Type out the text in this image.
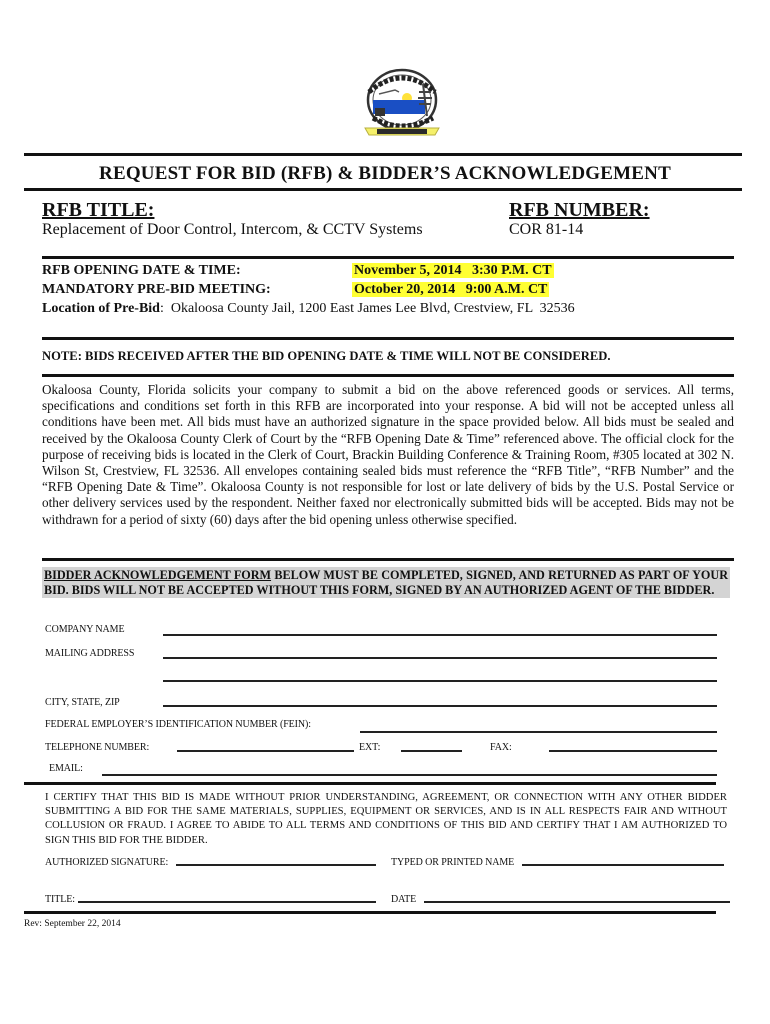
REQUEST FOR BID (RFB) & BIDDER’S ACKNOWLEDGEMENT
RFB TITLE:
Replacement of Door Control, Intercom, & CCTV Systems
RFB NUMBER:
COR 81-14
RFB OPENING DATE & TIME:	November 5, 2014   3:30 P.M. CT
MANDATORY PRE-BID MEETING:	October 20, 2014   9:00 A.M. CT
Location of Pre-Bid:  Okaloosa County Jail, 1200 East James Lee Blvd, Crestview, FL  32536
NOTE: BIDS RECEIVED AFTER THE BID OPENING DATE & TIME WILL NOT BE CONSIDERED.
Okaloosa County, Florida solicits your company to submit a bid on the above referenced goods or services. All terms, specifications and conditions set forth in this RFB are incorporated into your response. A bid will not be accepted unless all conditions have been met. All bids must have an authorized signature in the space provided below. All bids must be sealed and received by the Okaloosa County Clerk of Court by the “RFB Opening Date & Time” referenced above. The official clock for the purpose of receiving bids is located in the Clerk of Court, Brackin Building Conference & Training Room, #305 located at 302 N. Wilson St, Crestview, FL 32536. All envelopes containing sealed bids must reference the “RFB Title”, “RFB Number” and the “RFB Opening Date & Time”. Okaloosa County is not responsible for lost or late delivery of bids by the U.S. Postal Service or other delivery services used by the respondent. Neither faxed nor electronically submitted bids will be accepted. Bids may not be withdrawn for a period of sixty (60) days after the bid opening unless otherwise specified.
BIDDER ACKNOWLEDGEMENT FORM BELOW MUST BE COMPLETED, SIGNED, AND RETURNED AS PART OF YOUR BID. BIDS WILL NOT BE ACCEPTED WITHOUT THIS FORM, SIGNED BY AN AUTHORIZED AGENT OF THE BIDDER.
COMPANY NAME
MAILING ADDRESS
CITY, STATE, ZIP
FEDERAL EMPLOYER’S IDENTIFICATION NUMBER (FEIN):
TELEPHONE NUMBER:	EXT:	FAX:
EMAIL:
I CERTIFY THAT THIS BID IS MADE WITHOUT PRIOR UNDERSTANDING, AGREEMENT, OR CONNECTION WITH ANY OTHER BIDDER SUBMITTING A BID FOR THE SAME MATERIALS, SUPPLIES, EQUIPMENT OR SERVICES, AND IS IN ALL RESPECTS FAIR AND WITHOUT COLLUSION OR FRAUD. I AGREE TO ABIDE TO ALL TERMS AND CONDITIONS OF THIS BID AND CERTIFY THAT I AM AUTHORIZED TO SIGN THIS BID FOR THE BIDDER.
AUTHORIZED SIGNATURE:	TYPED OR PRINTED NAME
TITLE:	DATE
Rev: September 22, 2014
